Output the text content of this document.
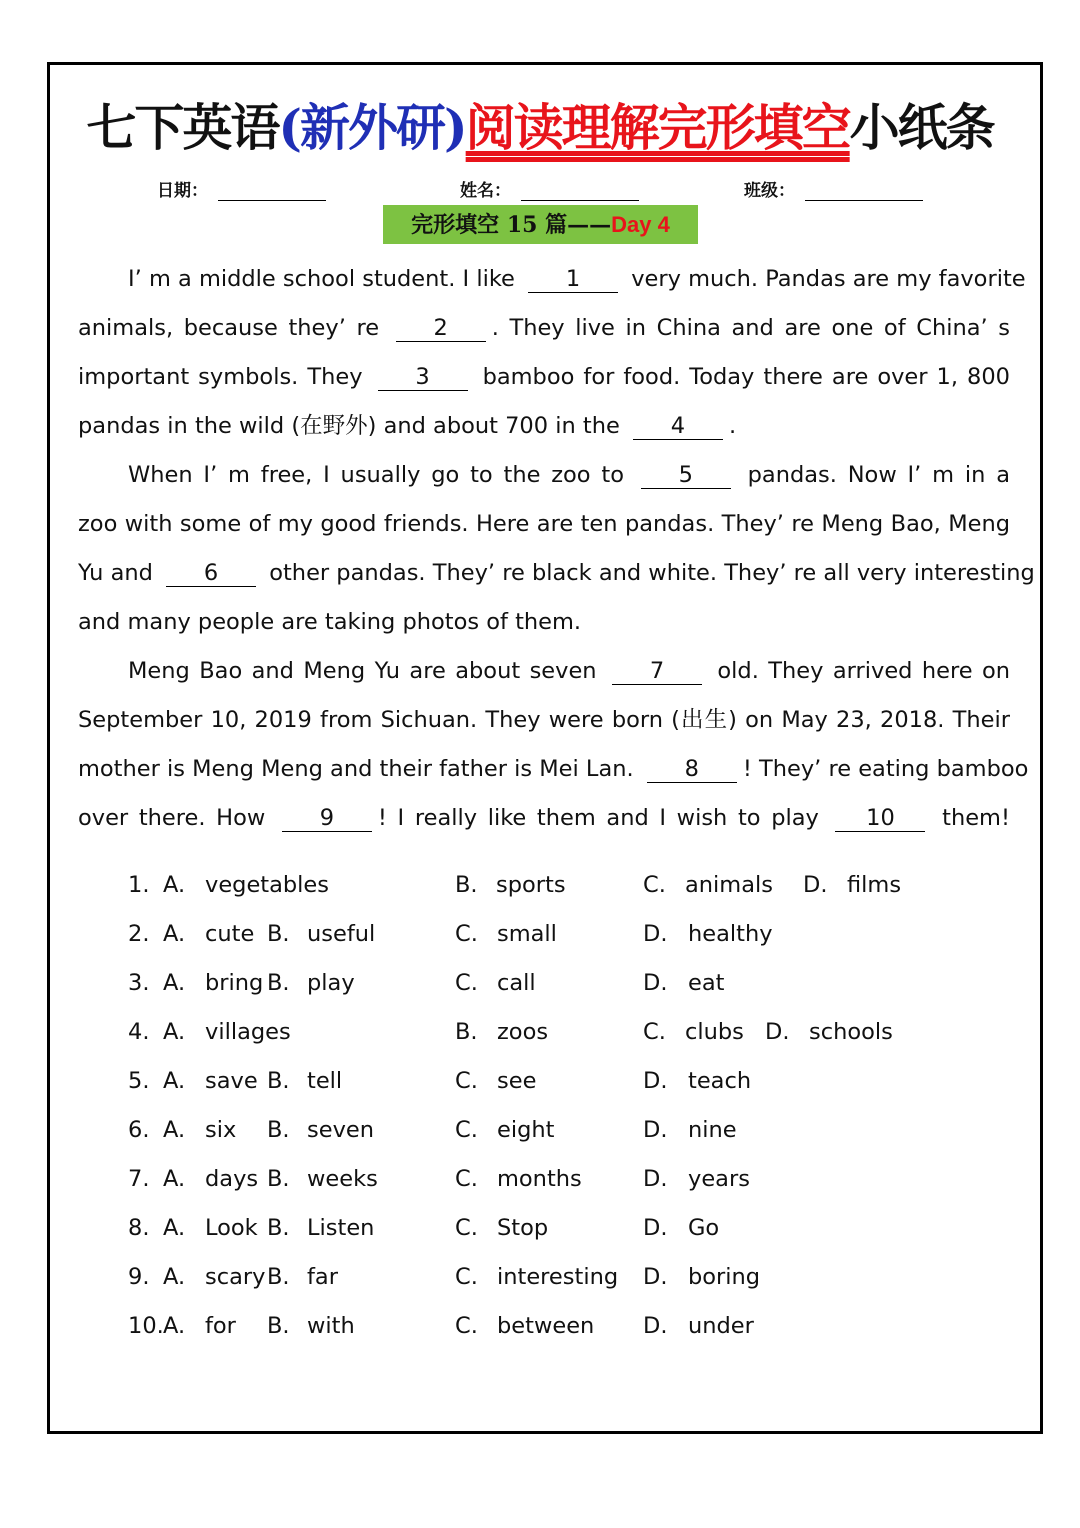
七下英语(新外研)阅读理解完形填空小纸条
日期：	姓名：	班级：
完形填空 15 篇——Day 4
I’ m a middle school student. I like 1 very much. Pandas are my favorite
animals, because they’ re 2 . They live in China and are one of China’ s
important symbols. They 3 bamboo for food. Today there are over 1, 800
pandas in the wild (在野外) and about 700 in the 4 .
When I’ m free, I usually go to the zoo to 5 pandas. Now I’ m in a
zoo with some of my good friends. Here are ten pandas. They’ re Meng Bao, Meng
Yu and 6 other pandas. They’ re black and white. They’ re all very interesting
and many people are taking photos of them.
Meng Bao and Meng Yu are about seven 7 old. They arrived here on
September 10, 2019 from Sichuan. They were born (出生) on May 23, 2018. Their
mother is Meng Meng and their father is Mei Lan. 8 ! They’ re eating bamboo
over there. How 9 ! I really like them and I wish to play 10 them!
1. A. vegetables	B. sports	C. animals D. films
2. A. cute B. useful	C. small	D. healthy
3. A. bring B. play	C. call	D. eat
4. A. villages	B. zoos	C. clubs D. schools
5. A. save B. tell	C. see	D. teach
6. A. six B. seven	C. eight	D. nine
7. A. days B. weeks	C. months	D. years
8. A. Look B. Listen	C. Stop	D. Go
9. A. scary B. far	C. interesting D. boring
10. A. for B. with	C. between D. under
